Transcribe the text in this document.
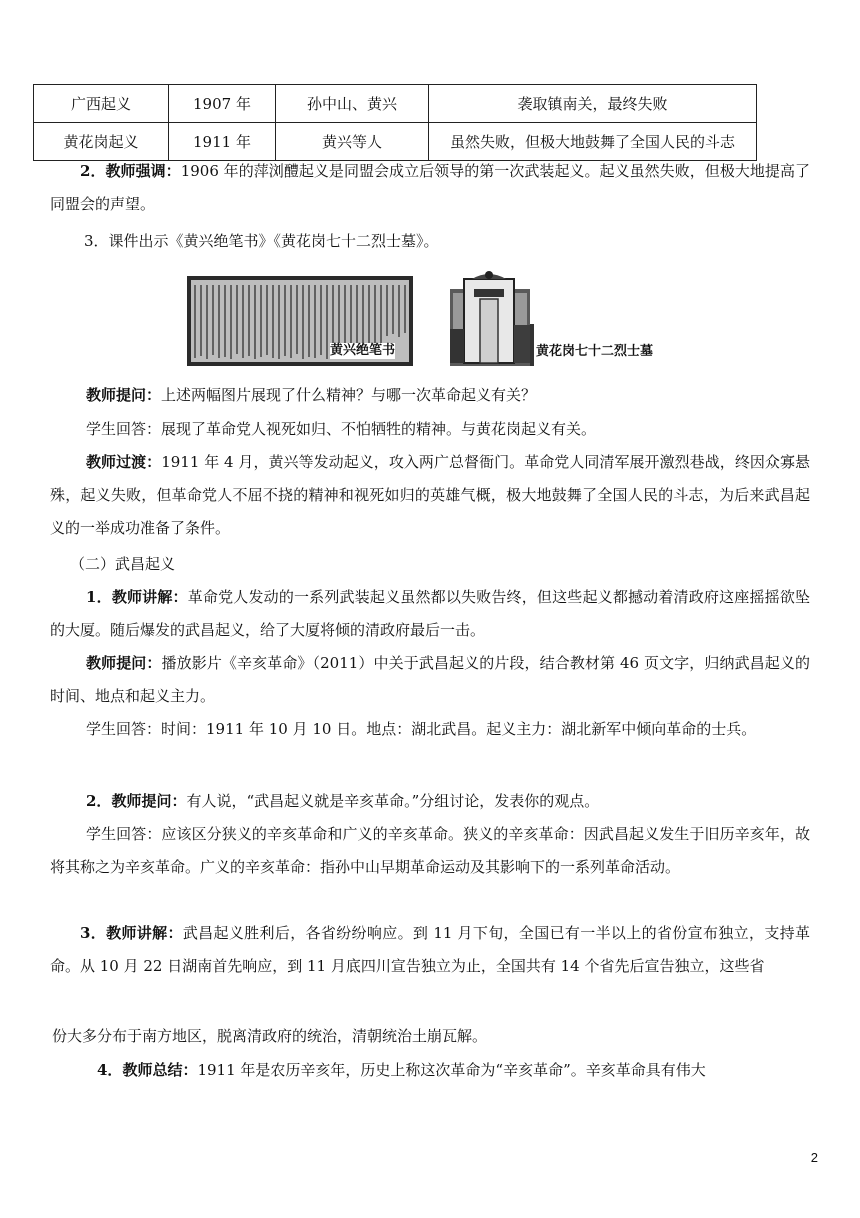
广西起义	1907 年	孙中山、黄兴	袭取镇南关，最终失败
黄花岗起义	1911 年	黄兴等人	虽然失败，但极大地鼓舞了全国人民的斗志
2．教师强调：1906 年的萍浏醴起义是同盟会成立后领导的第一次武装起义。起义虽然失败，但极大地提高了同盟会的声望。
3．课件出示《黄兴绝笔书》《黄花岗七十二烈士墓》。
黄兴绝笔书	黄花岗七十二烈士墓
教师提问：上述两幅图片展现了什么精神？与哪一次革命起义有关？
学生回答：展现了革命党人视死如归、不怕牺牲的精神。与黄花岗起义有关。
教师过渡：1911 年 4 月，黄兴等发动起义，攻入两广总督衙门。革命党人同清军展开激烈巷战，终因众寡悬殊，起义失败，但革命党人不屈不挠的精神和视死如归的英雄气概，极大地鼓舞了全国人民的斗志，为后来武昌起义的一举成功准备了条件。
（二）武昌起义
1．教师讲解：革命党人发动的一系列武装起义虽然都以失败告终，但这些起义都撼动着清政府这座摇摇欲坠的大厦。随后爆发的武昌起义，给了大厦将倾的清政府最后一击。
教师提问：播放影片《辛亥革命》（2011）中关于武昌起义的片段，结合教材第 46 页文字，归纳武昌起义的时间、地点和起义主力。
学生回答：时间：1911 年 10 月 10 日。地点：湖北武昌。起义主力：湖北新军中倾向革命的士兵。
2．教师提问：有人说，“武昌起义就是辛亥革命。”分组讨论，发表你的观点。
学生回答：应该区分狭义的辛亥革命和广义的辛亥革命。狭义的辛亥革命：因武昌起义发生于旧历辛亥年，故将其称之为辛亥革命。广义的辛亥革命：指孙中山早期革命运动及其影响下的一系列革命活动。
3．教师讲解：武昌起义胜利后，各省纷纷响应。到 11 月下旬，全国已有一半以上的省份宣布独立，支持革命。从 10 月 22 日湖南首先响应，到 11 月底四川宣告独立为止，全国共有 14 个省先后宣告独立，这些省
份大多分布于南方地区，脱离清政府的统治，清朝统治土崩瓦解。
4．教师总结：1911 年是农历辛亥年，历史上称这次革命为“辛亥革命”。辛亥革命具有伟大
2
